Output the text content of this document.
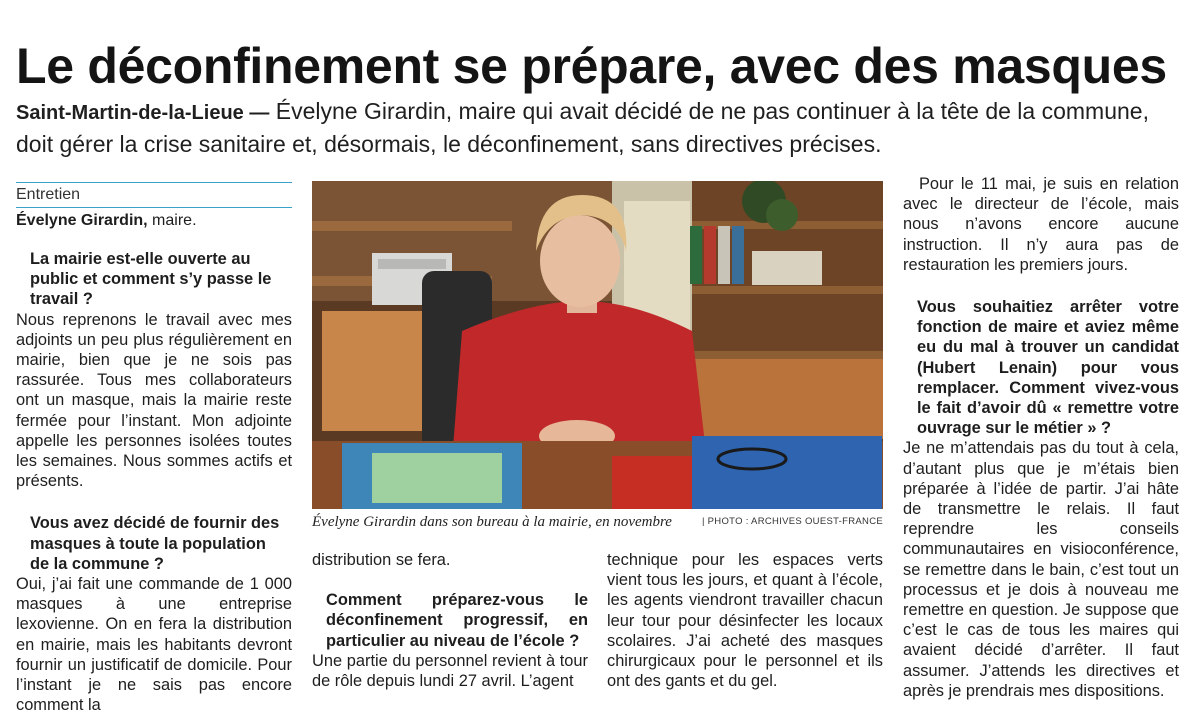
Le déconfinement se prépare, avec des masques

Saint-Martin-de-la-Lieue — Évelyne Girardin, maire qui avait décidé de ne pas continuer à la tête de la commune, doit gérer la crise sanitaire et, désormais, le déconfinement, sans directives précises.

Entretien
Évelyne Girardin, maire.

La mairie est-elle ouverte au public et comment s’y passe le travail ?

Nous reprenons le travail avec mes adjoints un peu plus régulièrement en mairie, bien que je ne sois pas rassurée. Tous mes collaborateurs ont un masque, mais la mairie reste fermée pour l’instant. Mon adjointe appelle les personnes isolées toutes les semaines. Nous sommes actifs et présents.

Vous avez décidé de fournir des masques à toute la population de la commune ?

Oui, j’ai fait une commande de 1 000 masques à une entreprise lexovienne. On en fera la distribution en mairie, mais les habitants devront fournir un justificatif de domicile. Pour l’instant je ne sais pas encore comment la

Évelyne Girardin dans son bureau à la mairie, en novembre	| PHOTO : ARCHIVES OUEST-FRANCE

distribution se fera.

Comment préparez-vous le déconfinement progressif, en particulier au niveau de l’école ?

Une partie du personnel revient à tour de rôle depuis lundi 27 avril. L’agent

technique pour les espaces verts vient tous les jours, et quant à l’école, les agents viendront travailler chacun leur tour pour désinfecter les locaux scolaires. J’ai acheté des masques chirurgicaux pour le personnel et ils ont des gants et du gel.

Pour le 11 mai, je suis en relation avec le directeur de l’école, mais nous n’avons encore aucune instruction. Il n’y aura pas de restauration les premiers jours.

Vous souhaitiez arrêter votre fonction de maire et aviez même eu du mal à trouver un candidat (Hubert Lenain) pour vous remplacer. Comment vivez-vous le fait d’avoir dû « remettre votre ouvrage sur le métier » ?

Je ne m’attendais pas du tout à cela, d’autant plus que je m’étais bien préparée à l’idée de partir. J’ai hâte de transmettre le relais. Il faut reprendre les conseils communautaires en visioconférence, se remettre dans le bain, c’est tout un processus et je dois à nouveau me remettre en question. Je suppose que c’est le cas de tous les maires qui avaient décidé d’arrêter. Il faut assumer. J’attends les directives et après je prendrais mes dispositions.
